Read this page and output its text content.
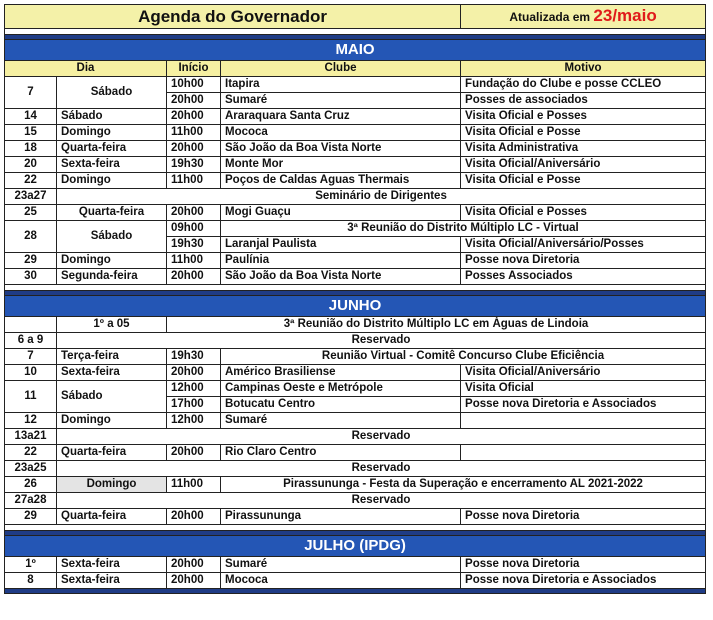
Agenda do Governador				Atualizada em 23/maio

MAIO				
Dia		Início	Clube	Motivo
7	Sábado	10h00	Itapira	Fundação do Clube e posse CCLEO
		20h00	Sumaré	Posses de associados
14	Sábado	20h00	Araraquara Santa Cruz	Visita Oficial e Posses
15	Domingo	11h00	Mococa	Visita Oficial e Posse
18	Quarta-feira	20h00	São João da Boa Vista Norte	Visita Administrativa
20	Sexta-feira	19h30	Monte Mor	Visita Oficial/Aniversário
22	Domingo	11h00	Poços de Caldas Aguas Thermais	Visita Oficial e Posse
23a27	Seminário de Dirigentes			
25	Quarta-feira	20h00	Mogi Guaçu	Visita Oficial e Posses
28	Sábado	09h00	3ª Reunião do Distrito Múltiplo LC - Virtual	
		19h30	Laranjal Paulista	Visita Oficial/Aniversário/Posses
29	Domingo	11h00	Paulínia	Posse nova Diretoria
30	Segunda-feira	20h00	São João da Boa Vista Norte	Posses Associados

JUNHO				
	1º a 05	3ª Reunião do Distrito Múltiplo LC em Águas de Lindoia		
6 a 9	Reservado			
7	Terça-feira	19h30	Reunião Virtual - Comitê Concurso Clube Eficiência	
10	Sexta-feira	20h00	Américo Brasiliense	Visita Oficial/Aniversário
11	Sábado	12h00	Campinas Oeste e Metrópole	Visita Oficial
		17h00	Botucatu Centro	Posse nova Diretoria e Associados
12	Domingo	12h00	Sumaré	
13a21	Reservado			
22	Quarta-feira	20h00	Rio Claro Centro	
23a25	Reservado			
26	Domingo	11h00	Pirassununga - Festa da Superação e encerramento AL 2021-2022	
27a28	Reservado			
29	Quarta-feira	20h00	Pirassununga	Posse nova Diretoria

JULHO (IPDG)				
1º	Sexta-feira	20h00	Sumaré	Posse nova Diretoria
8	Sexta-feira	20h00	Mococa	Posse nova Diretoria e Associados
